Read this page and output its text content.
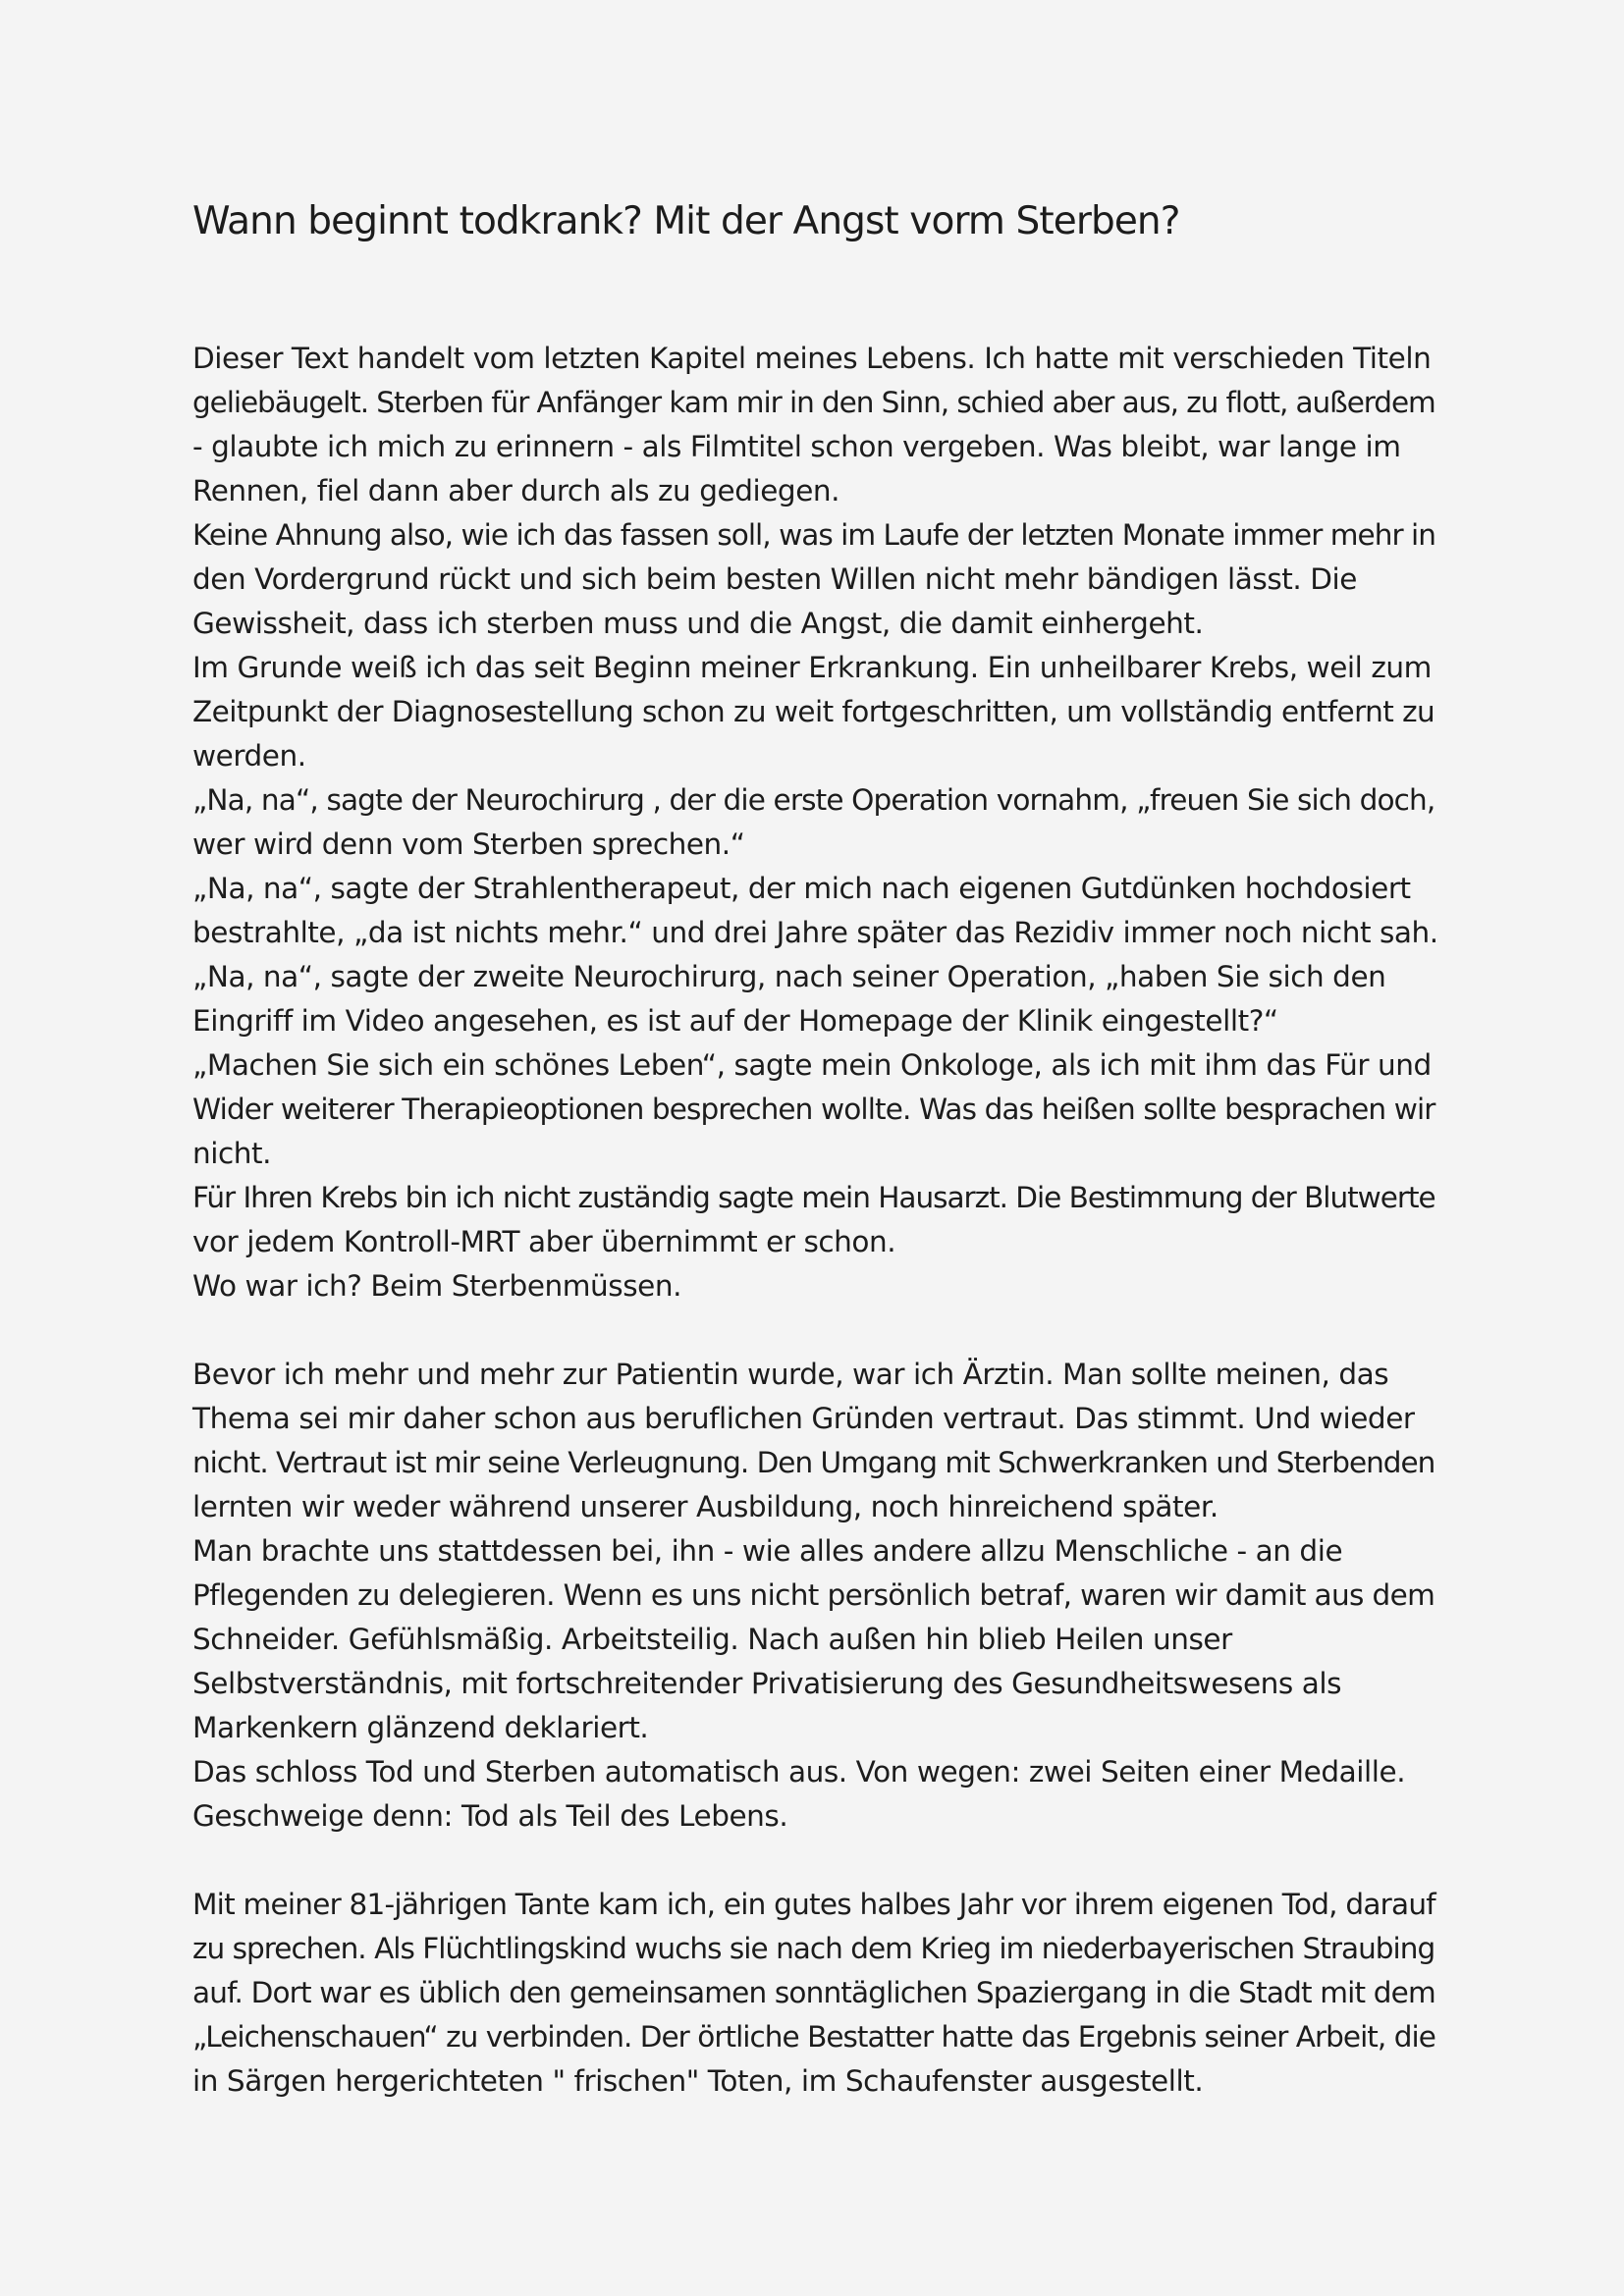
Wann beginnt todkrank? Mit der Angst vorm Sterben?
Dieser Text handelt vom letzten Kapitel meines Lebens. Ich hatte mit verschieden Titeln
geliebäugelt. Sterben für Anfänger kam mir in den Sinn, schied aber aus, zu flott, außerdem
- glaubte ich mich zu erinnern - als Filmtitel schon vergeben. Was bleibt, war lange im
Rennen, fiel dann aber durch als zu gediegen.
Keine Ahnung also, wie ich das fassen soll, was im Laufe der letzten Monate immer mehr in
den Vordergrund rückt und sich beim besten Willen nicht mehr bändigen lässt. Die
Gewissheit, dass ich sterben muss und die Angst, die damit einhergeht.
Im Grunde weiß ich das seit Beginn meiner Erkrankung. Ein unheilbarer Krebs, weil zum
Zeitpunkt der Diagnosestellung schon zu weit fortgeschritten, um vollständig entfernt zu
werden.
„Na, na“, sagte der Neurochirurg , der die erste Operation vornahm, „freuen Sie sich doch,
wer wird denn vom Sterben sprechen.“
„Na, na“, sagte der Strahlentherapeut, der mich nach eigenen Gutdünken hochdosiert
bestrahlte, „da ist nichts mehr.“ und drei Jahre später das Rezidiv immer noch nicht sah.
„Na, na“, sagte der zweite Neurochirurg, nach seiner Operation, „haben Sie sich den
Eingriff im Video angesehen, es ist auf der Homepage der Klinik eingestellt?“
„Machen Sie sich ein schönes Leben“, sagte mein Onkologe, als ich mit ihm das Für und
Wider weiterer Therapieoptionen besprechen wollte. Was das heißen sollte besprachen wir
nicht.
Für Ihren Krebs bin ich nicht zuständig sagte mein Hausarzt. Die Bestimmung der Blutwerte
vor jedem Kontroll-MRT aber übernimmt er schon.
Wo war ich? Beim Sterbenmüssen.
Bevor ich mehr und mehr zur Patientin wurde, war ich Ärztin. Man sollte meinen, das
Thema sei mir daher schon aus beruflichen Gründen vertraut. Das stimmt. Und wieder
nicht. Vertraut ist mir seine Verleugnung. Den Umgang mit Schwerkranken und Sterbenden
lernten wir weder während unserer Ausbildung, noch hinreichend später.
Man brachte uns stattdessen bei, ihn - wie alles andere allzu Menschliche - an die
Pflegenden zu delegieren. Wenn es uns nicht persönlich betraf, waren wir damit aus dem
Schneider. Gefühlsmäßig. Arbeitsteilig. Nach außen hin blieb Heilen unser
Selbstverständnis, mit fortschreitender Privatisierung des Gesundheitswesens als
Markenkern glänzend deklariert.
Das schloss Tod und Sterben automatisch aus. Von wegen: zwei Seiten einer Medaille.
Geschweige denn: Tod als Teil des Lebens.
Mit meiner 81-jährigen Tante kam ich, ein gutes halbes Jahr vor ihrem eigenen Tod, darauf
zu sprechen. Als Flüchtlingskind wuchs sie nach dem Krieg im niederbayerischen Straubing
auf. Dort war es üblich den gemeinsamen sonntäglichen Spaziergang in die Stadt mit dem
„Leichenschauen“ zu verbinden. Der örtliche Bestatter hatte das Ergebnis seiner Arbeit, die
in Särgen hergerichteten " frischen" Toten, im Schaufenster ausgestellt.
